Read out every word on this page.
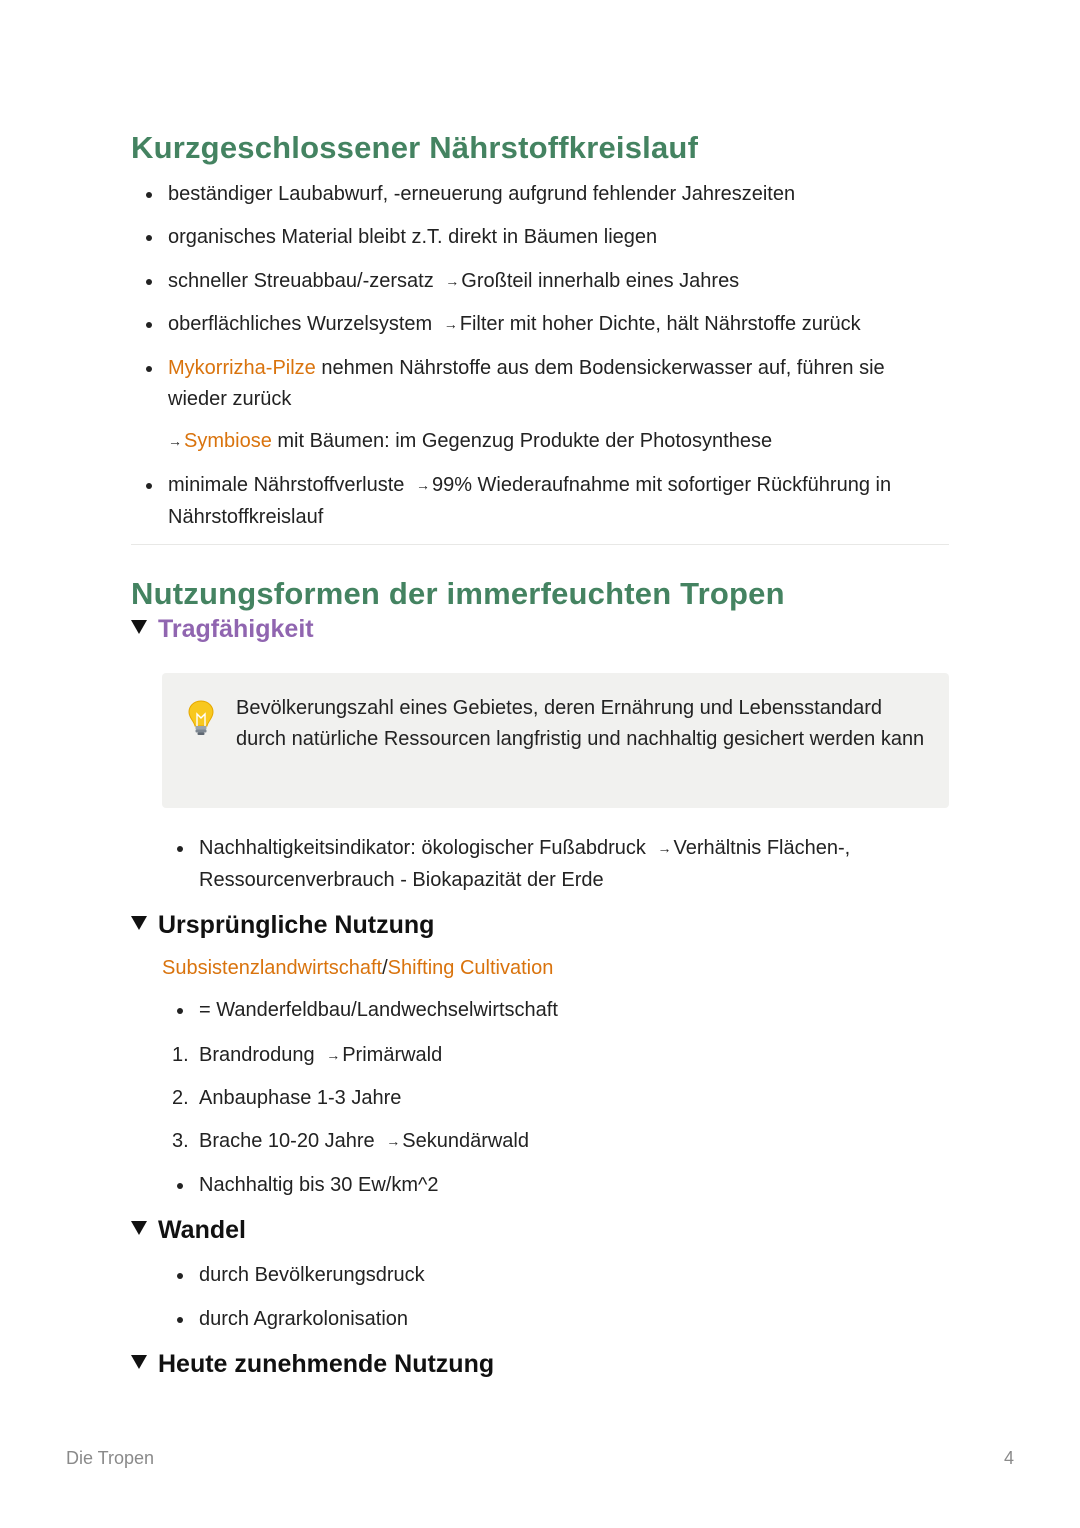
Kurzgeschlossener Nährstoffkreislauf
beständiger Laubabwurf, -erneuerung aufgrund fehlender Jahreszeiten
organisches Material bleibt z.T. direkt in Bäumen liegen
schneller Streuabbau/-zersatz → Großteil innerhalb eines Jahres
oberflächliches Wurzelsystem → Filter mit hoher Dichte, hält Nährstoffe zurück
Mykorrizha-Pilze nehmen Nährstoffe aus dem Bodensickerwasser auf, führen sie
wieder zurück
→ Symbiose mit Bäumen: im Gegenzug Produkte der Photosynthese
minimale Nährstoffverluste → 99% Wiederaufnahme mit sofortiger Rückführung in
Nährstoffkreislauf
Nutzungsformen der immerfeuchten Tropen
Tragfähigkeit
Bevölkerungszahl eines Gebietes, deren Ernährung und Lebensstandard durch natürliche Ressourcen langfristig und nachhaltig gesichert werden kann
Nachhaltigkeitsindikator: ökologischer Fußabdruck → Verhältnis Flächen-,
Ressourcenverbrauch - Biokapazität der Erde
Ursprüngliche Nutzung
Subsistenzlandwirtschaft/Shifting Cultivation
= Wanderfeldbau/Landwechselwirtschaft
1. Brandrodung → Primärwald
2. Anbauphase 1-3 Jahre
3. Brache 10-20 Jahre → Sekundärwald
Nachhaltig bis 30 Ew/km^2
Wandel
durch Bevölkerungsdruck
durch Agrarkolonisation
Heute zunehmende Nutzung
Die Tropen	4
